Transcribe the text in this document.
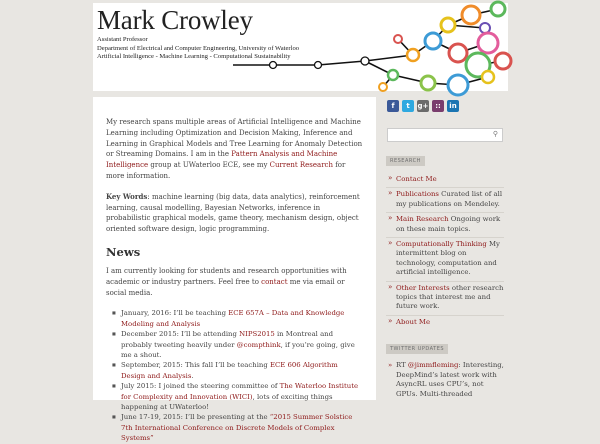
Mark Crowley
Assistant Professor
Department of Electrical and Computer Engineering, University of Waterloo
Artificial Intelligence - Machine Learning - Computational Sustainability

My research spans multiple areas of Artificial Intelligence and Machine Learning including Optimization and Decision Making, Inference and Learning in Graphical Models and Tree Learning for Anomaly Detection or Streaming Domains. I am in the Pattern Analysis and Machine Intelligence group at UWaterloo ECE, see my Current Research for more information.

Key Words: machine learning (big data, data analytics), reinforcement learning, causal modelling, Bayesian Networks, inference in probabilistic graphical models, game theory, mechanism design, object oriented software design, logic programming.

News

I am currently looking for students and research opportunities with academic or industry partners. Feel free to contact me via email or social media.

■ January, 2016: I’ll be teaching ECE 657A – Data and Knowledge Modeling and Analysis
■ December 2015: I’ll be attending NIPS2015 in Montreal and probably tweeting heavily under @compthink, if you’re going, give me a shout.
■ September, 2015: This fall I’ll be teaching ECE 606 Algorithm Design and Analysis.
■ July 2015: I joined the steering committee of The Waterloo Institute for Complexity and Innovation (WICI), lots of exciting things happening at UWaterloo!
■ June 17-19, 2015: I’ll be presenting at the “2015 Summer Solstice 7th International Conference on Discrete Models of Complex Systems”
f	t	g+ ::	in
⚲
RESEARCH
» Contact Me
» Publications Curated list of all my publications on Mendeley.
» Main Research Ongoing work on these main topics.
» Computationally Thinking My intermittent blog on technology, computation and artificial intelligence.
» Other Interests other research topics that interest me and future work.
» About Me
TWITTER UPDATES
» RT @jimmfleming: Interesting, DeepMind’s latest work with AsyncRL uses CPU’s, not GPUs. Multi-threaded
